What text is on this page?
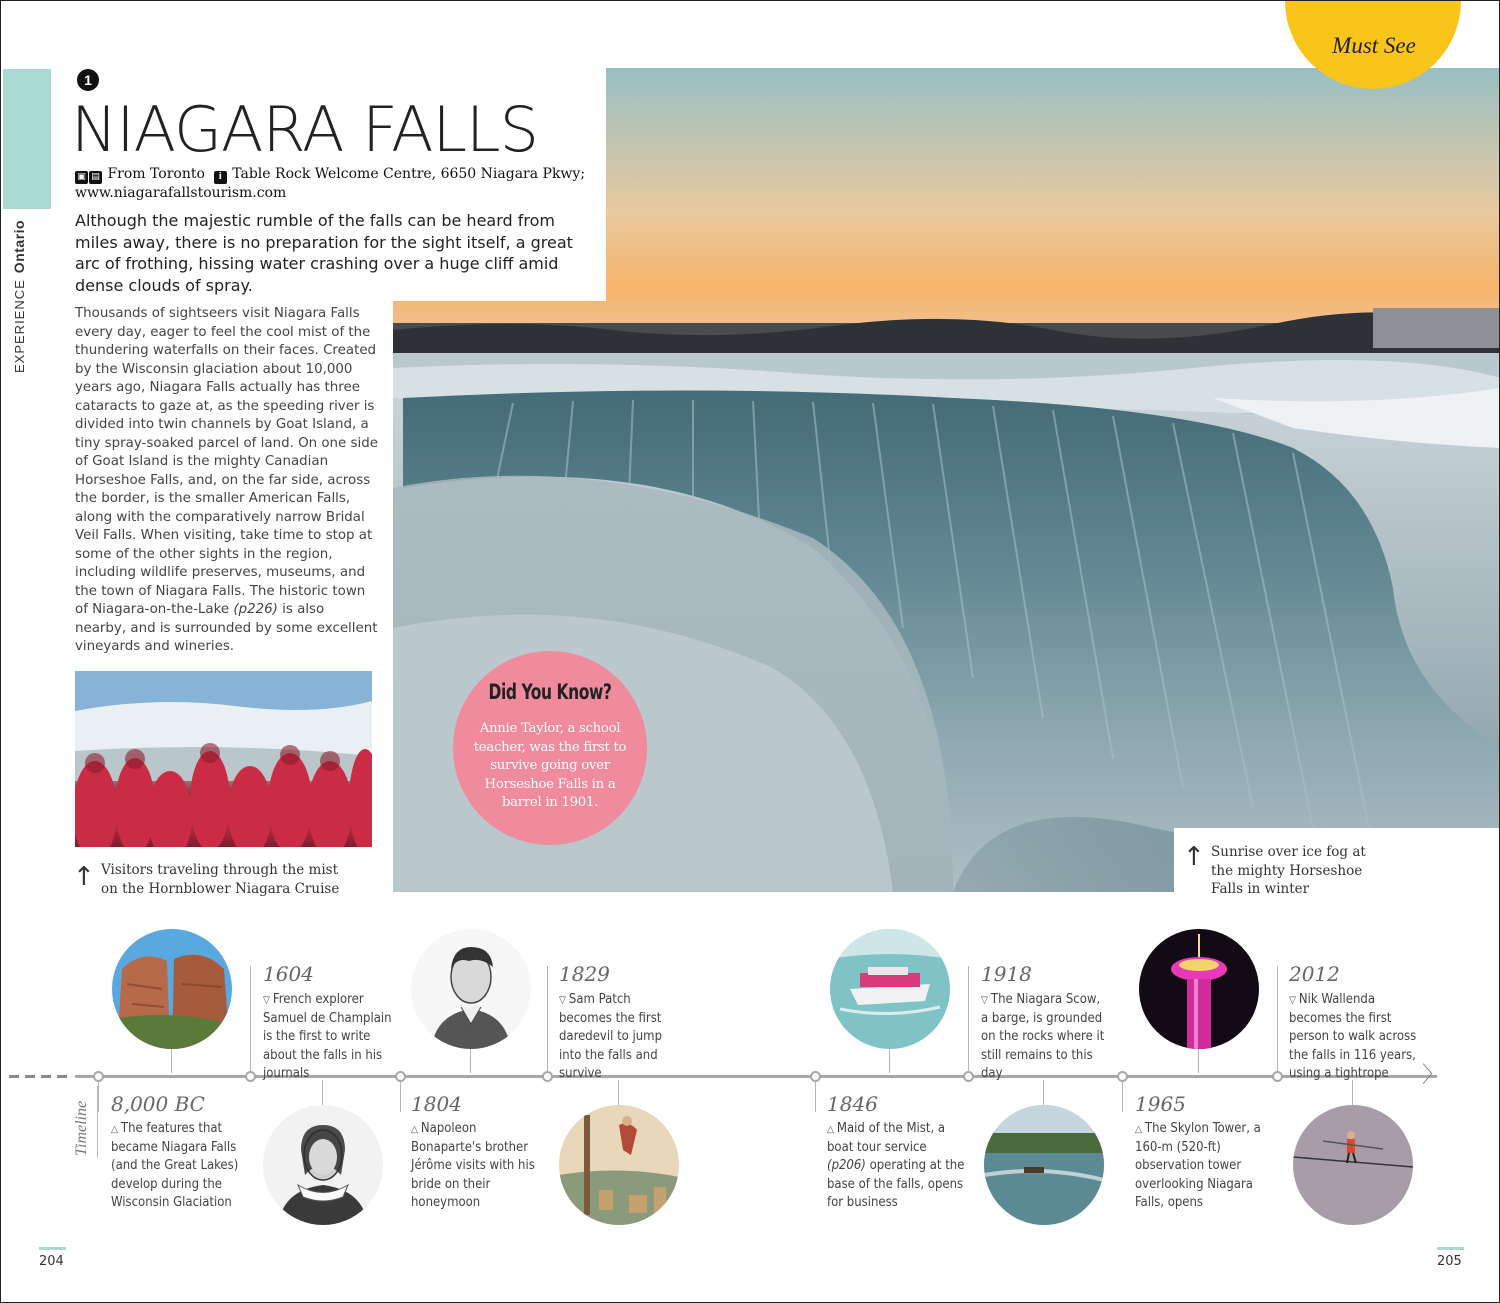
EXPERIENCEOntario
Must See
1
NIAGARA FALLS
▣ ▤ From Toronto i Table Rock Welcome Centre, 6650 Niagara Pkwy;
www.niagarafallstourism.com
Although the majestic rumble of the falls can be heard from miles away, there is no preparation for the sight itself, a great arc of frothing, hissing water crashing over a huge cliff amid dense clouds of spray.
Thousands of sightseers visit Niagara Falls every day, eager to feel the cool mist of the thundering waterfalls on their faces. Created by the Wisconsin glaciation about 10,000 years ago, Niagara Falls actually has three cataracts to gaze at, as the speeding river is divided into twin channels by Goat Island, a tiny spray-soaked parcel of land. On one side of Goat Island is the mighty Canadian Horseshoe Falls, and, on the far side, across the border, is the smaller American Falls, along with the comparatively narrow Bridal Veil Falls. When visiting, take time to stop at some of the other sights in the region, including wildlife preserves, museums, and the town of Niagara Falls. The historic town of Niagara-on-the-Lake (p226) is also nearby, and is surrounded by some excellent vineyards and wineries.
↑ Visitors traveling through the mist
on the Hornblower Niagara Cruise
↑ Sunrise over ice fog at
the mighty Horseshoe
Falls in winter
Did You Know?
Annie Taylor, a school teacher, was the first to survive going over Horseshoe Falls in a barrel in 1901.
〉
Timeline 8,000 BC
△ The features that became Niagara Falls (and the Great Lakes) develop during the Wisconsin Glaciation
1804
△ Napoleon Bonaparte's brother Jérôme visits with his bride on their honeymoon
1846
△ Maid of the Mist, a boat tour service (p206) operating at the base of the falls, opens for business
1965
△ The Skylon Tower, a 160-m (520-ft) observation tower overlooking Niagara Falls, opens
1604
▽ French explorer Samuel de Champlain is the first to write about the falls in his journals
1829
▽ Sam Patch becomes the first daredevil to jump into the falls and survive
1918
▽ The Niagara Scow, a barge, is grounded on the rocks where it still remains to this day
2012
▽ Nik Wallenda becomes the first person to walk across the falls in 116 years, using a tightrope
204	205
